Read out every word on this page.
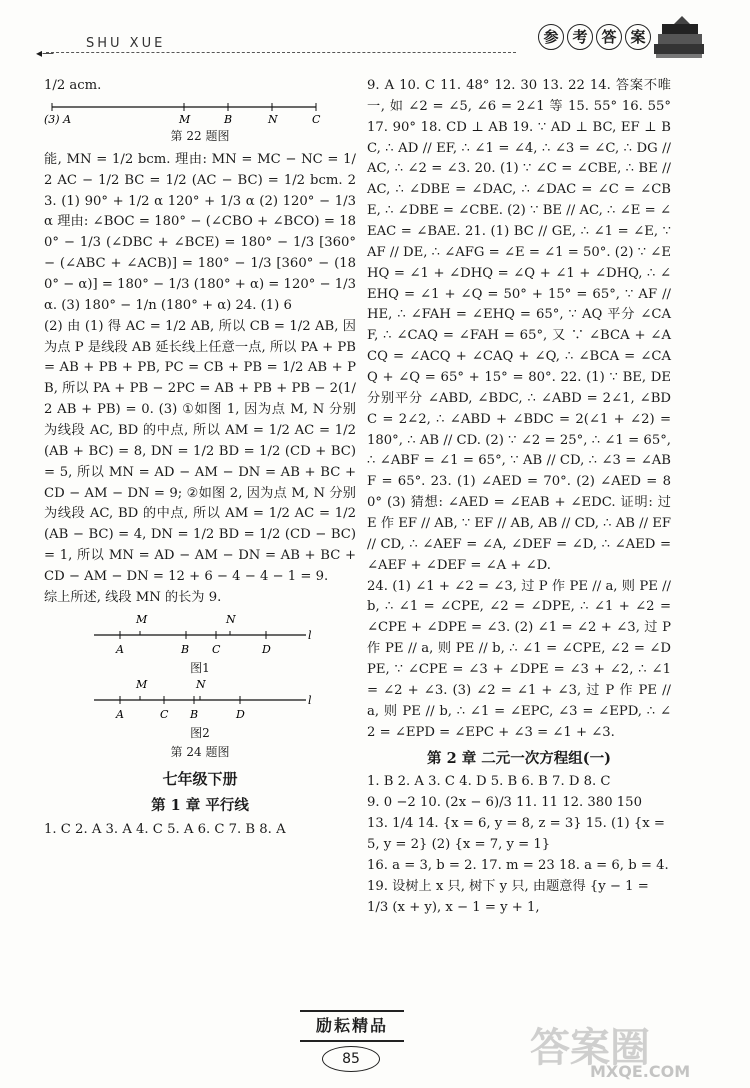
◂—
SHU XUE	参 考 答 案

1/2 acm.

(3) A	M	B	N	C

第 22 题图

能, MN = 1/2 bcm. 理由: MN = MC − NC = 1/2 AC − 1/2 BC = 1/2 (AC − BC) = 1/2 bcm. 23. (1) 90° + 1/2 α 120° + 1/3 α (2) 120° − 1/3 α 理由: ∠BOC = 180° − (∠CBO + ∠BCO) = 180° − 1/3 (∠DBC + ∠BCE) = 180° − 1/3 [360° − (∠ABC + ∠ACB)] = 180° − 1/3 [360° − (180° − α)] = 180° − 1/3 (180° + α) = 120° − 1/3 α. (3) 180° − 1/n (180° + α) 24. (1) 6

(2) 由 (1) 得 AC = 1/2 AB, 所以 CB = 1/2 AB, 因为点 P 是线段 AB 延长线上任意一点, 所以 PA + PB = AB + PB + PB, PC = CB + PB = 1/2 AB + PB, 所以 PA + PB − 2PC = AB + PB + PB − 2(1/2 AB + PB) = 0. (3) ①如图 1, 因为点 M, N 分别为线段 AC, BD 的中点, 所以 AM = 1/2 AC = 1/2 (AB + BC) = 8, DN = 1/2 BD = 1/2 (CD + BC) = 5, 所以 MN = AD − AM − DN = AB + BC + CD − AM − DN = 9; ②如图 2, 因为点 M, N 分别为线段 AC, BD 的中点, 所以 AM = 1/2 AC = 1/2 (AB − BC) = 4, DN = 1/2 BD = 1/2 (CD − BC) = 1, 所以 MN = AD − AM − DN = AB + BC + CD − AM − DN = 12 + 6 − 4 − 4 − 1 = 9.

综上所述, 线段 MN 的长为 9.

M	N
A	B C	D
l

图1

M	N
A	C B	D
l

图2

第 24 题图

七年级下册

第 1 章 平行线

1. C 2. A 3. A 4. C 5. A 6. C 7. B 8. A

9. A 10. C 11. 48° 12. 30 13. 22 14. 答案不唯一, 如 ∠2 = ∠5, ∠6 = 2∠1 等 15. 55° 16. 55° 17. 90° 18. CD ⊥ AB 19. ∵ AD ⊥ BC, EF ⊥ BC, ∴ AD // EF, ∴ ∠1 = ∠4, ∴ ∠3 = ∠C, ∴ DG // AC, ∴ ∠2 = ∠3. 20. (1) ∵ ∠C = ∠CBE, ∴ BE // AC, ∴ ∠DBE = ∠DAC, ∴ ∠DAC = ∠C = ∠CBE, ∴ ∠DBE = ∠CBE. (2) ∵ BE // AC, ∴ ∠E = ∠EAC = ∠BAE. 21. (1) BC // GE, ∴ ∠1 = ∠E, ∵ AF // DE, ∴ ∠AFG = ∠E = ∠1 = 50°. (2) ∵ ∠EHQ = ∠1 + ∠DHQ = ∠Q + ∠1 + ∠DHQ, ∴ ∠EHQ = ∠1 + ∠Q = 50° + 15° = 65°, ∵ AF // HE, ∴ ∠FAH = ∠EHQ = 65°, ∵ AQ 平分 ∠CAF, ∴ ∠CAQ = ∠FAH = 65°, 又 ∵ ∠BCA + ∠ACQ = ∠ACQ + ∠CAQ + ∠Q, ∴ ∠BCA = ∠CAQ + ∠Q = 65° + 15° = 80°. 22. (1) ∵ BE, DE 分别平分 ∠ABD, ∠BDC, ∴ ∠ABD = 2∠1, ∠BDC = 2∠2, ∴ ∠ABD + ∠BDC = 2(∠1 + ∠2) = 180°, ∴ AB // CD. (2) ∵ ∠2 = 25°, ∴ ∠1 = 65°, ∴ ∠ABF = ∠1 = 65°, ∵ AB // CD, ∴ ∠3 = ∠ABF = 65°. 23. (1) ∠AED = 70°. (2) ∠AED = 80° (3) 猜想: ∠AED = ∠EAB + ∠EDC. 证明: 过 E 作 EF // AB, ∵ EF // AB, AB // CD, ∴ AB // EF // CD, ∴ ∠AEF = ∠A, ∠DEF = ∠D, ∴ ∠AED = ∠AEF + ∠DEF = ∠A + ∠D.

24. (1) ∠1 + ∠2 = ∠3, 过 P 作 PE // a, 则 PE // b, ∴ ∠1 = ∠CPE, ∠2 = ∠DPE, ∴ ∠1 + ∠2 = ∠CPE + ∠DPE = ∠3. (2) ∠1 = ∠2 + ∠3, 过 P 作 PE // a, 则 PE // b, ∴ ∠1 = ∠CPE, ∠2 = ∠DPE, ∵ ∠CPE = ∠3 + ∠DPE = ∠3 + ∠2, ∴ ∠1 = ∠2 + ∠3. (3) ∠2 = ∠1 + ∠3, 过 P 作 PE // a, 则 PE // b, ∴ ∠1 = ∠EPC, ∠3 = ∠EPD, ∴ ∠2 = ∠EPD = ∠EPC + ∠3 = ∠1 + ∠3.

第 2 章 二元一次方程组(一)

1. B 2. A 3. C 4. D 5. B 6. B 7. D 8. C

9. 0 −2 10. (2x − 6)/3 11. 11 12. 380 150

13. 1/4 14. {x = 6, y = 8, z = 3} 15. (1) {x = 5, y = 2} (2) {x = 7, y = 1}

16. a = 3, b = 2. 17. m = 23 18. a = 6, b = 4.

19. 设树上 x 只, 树下 y 只, 由题意得 {y − 1 = 1/3 (x + y), x − 1 = y + 1,

励耘精品
85	答案圈
MXQE.COM
